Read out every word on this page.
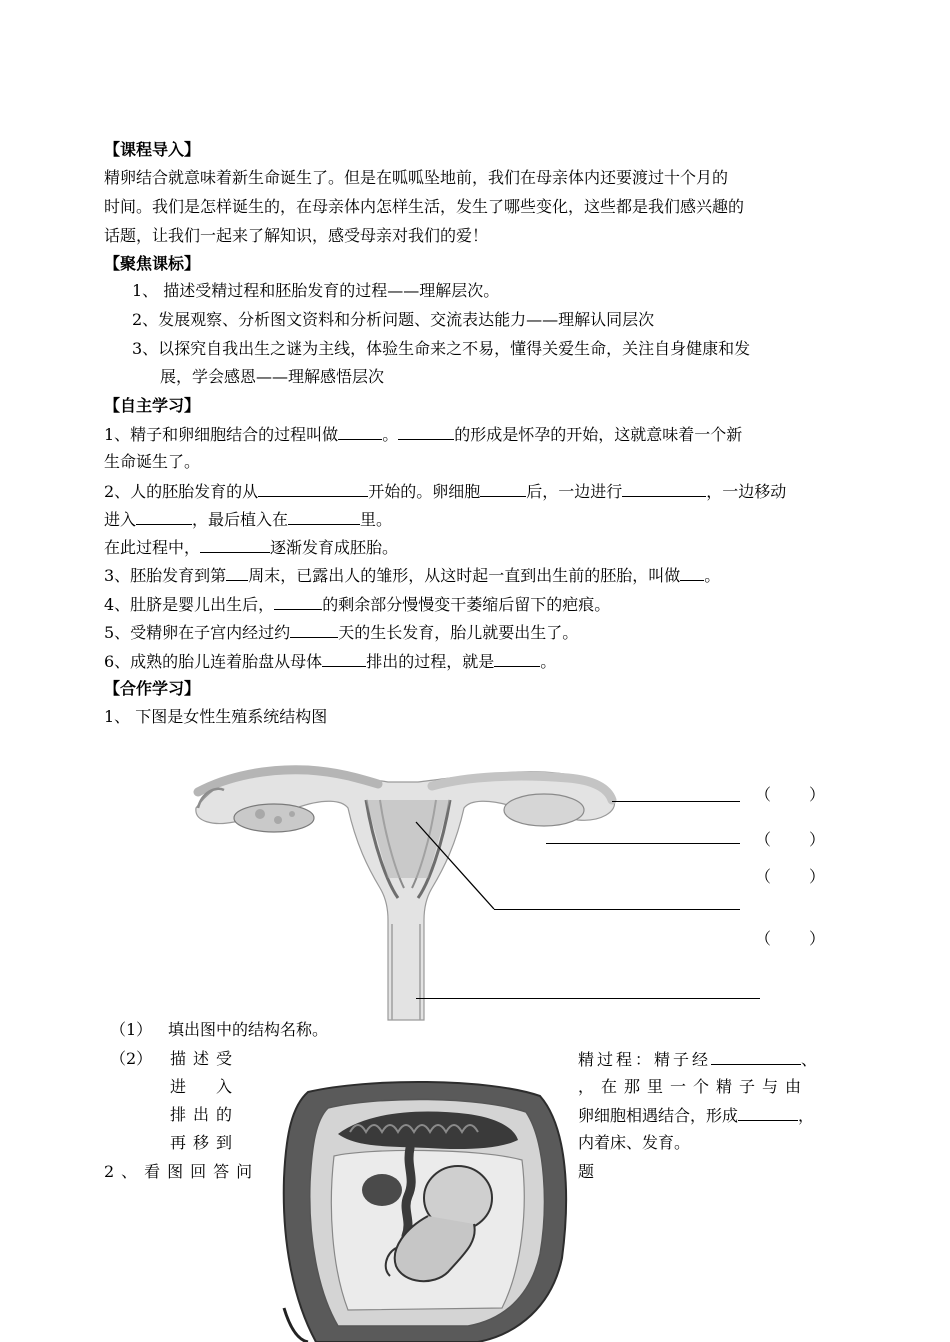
【课程导入】
精卵结合就意味着新生命诞生了。但是在呱呱坠地前，我们在母亲体内还要渡过十个月的
时间。我们是怎样诞生的，在母亲体内怎样生活，发生了哪些变化，这些都是我们感兴趣的
话题，让我们一起来了解知识，感受母亲对我们的爱！
【聚焦课标】
1、 描述受精过程和胚胎发育的过程——理解层次。
2、发展观察、分析图文资料和分析问题、交流表达能力——理解认同层次
3、以探究自我出生之谜为主线，体验生命来之不易，懂得关爱生命，关注自身健康和发
展，学会感恩——理解感悟层次
【自主学习】
1、精子和卵细胞结合的过程叫做	。	的形成是怀孕的开始，这就意味着一个新
生命诞生了。
2、人的胚胎发育的从	开始的。卵细胞	后，一边进行	，一边移动
进入	，最后植入在	里。
在此过程中，	逐渐发育成胚胎。
3、胚胎发育到第 周末，已露出人的雏形，从这时起一直到出生前的胚胎，叫做 。
4、肚脐是婴儿出生后，	的剩余部分慢慢变干萎缩后留下的疤痕。
5、受精卵在子宫内经过约	天的生长发育，胎儿就要出生了。
6、成熟的胎儿连着胎盘从母体	排出的过程，就是	。
【合作学习】
1、 下图是女性生殖系统结构图
（ ）
（ ）
（ ）
（ ）
（1） 填出图中的结构名称。
（2） 描述受
进　入
排出的
再移到
2、看图回答问
精过程：精子经	、
，在那里一个精子与由
卵细胞相遇结合，形成	，
内着床、发育。
题
